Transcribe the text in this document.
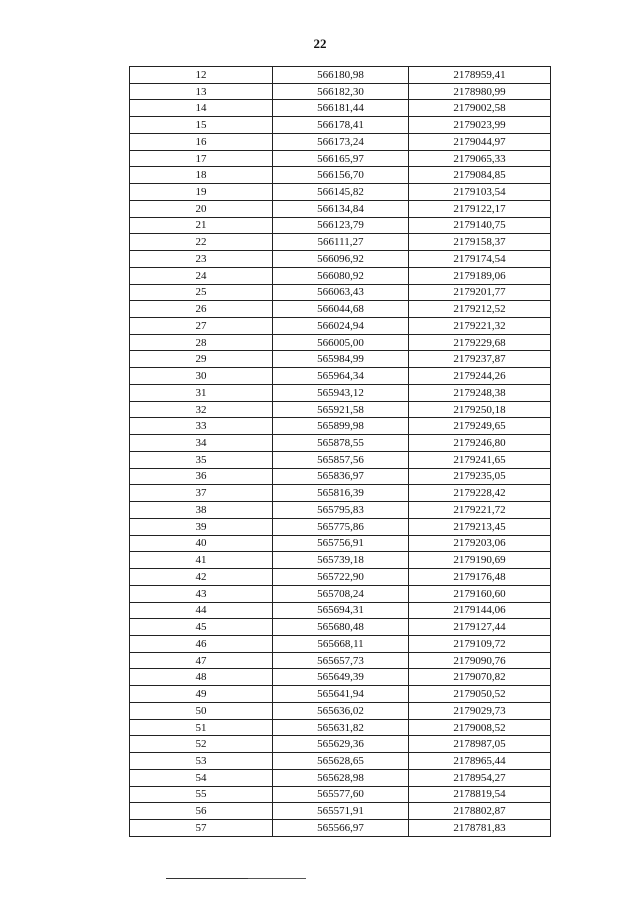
22
12	566180,98	2178959,41
13	566182,30	2178980,99
14	566181,44	2179002,58
15	566178,41	2179023,99
16	566173,24	2179044,97
17	566165,97	2179065,33
18	566156,70	2179084,85
19	566145,82	2179103,54
20	566134,84	2179122,17
21	566123,79	2179140,75
22	566111,27	2179158,37
23	566096,92	2179174,54
24	566080,92	2179189,06
25	566063,43	2179201,77
26	566044,68	2179212,52
27	566024,94	2179221,32
28	566005,00	2179229,68
29	565984,99	2179237,87
30	565964,34	2179244,26
31	565943,12	2179248,38
32	565921,58	2179250,18
33	565899,98	2179249,65
34	565878,55	2179246,80
35	565857,56	2179241,65
36	565836,97	2179235,05
37	565816,39	2179228,42
38	565795,83	2179221,72
39	565775,86	2179213,45
40	565756,91	2179203,06
41	565739,18	2179190,69
42	565722,90	2179176,48
43	565708,24	2179160,60
44	565694,31	2179144,06
45	565680,48	2179127,44
46	565668,11	2179109,72
47	565657,73	2179090,76
48	565649,39	2179070,82
49	565641,94	2179050,52
50	565636,02	2179029,73
51	565631,82	2179008,52
52	565629,36	2178987,05
53	565628,65	2178965,44
54	565628,98	2178954,27
55	565577,60	2178819,54
56	565571,91	2178802,87
57	565566,97	2178781,83
